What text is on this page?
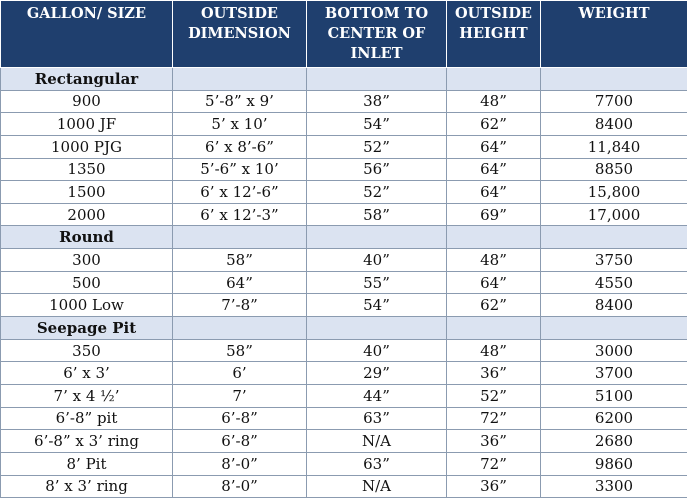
GALLON/ SIZE	OUTSIDE DIMENSION	BOTTOM TO CENTER OF INLET	OUTSIDE HEIGHT	WEIGHT
Rectangular				
900	5’-8” x 9’	38”	48”	7700
1000 JF	5’ x 10’	54”	62”	8400
1000 PJG	6’ x 8’-6”	52”	64”	11,840
1350	5’-6” x 10’	56”	64”	8850
1500	6’ x 12’-6”	52”	64”	15,800
2000	6’ x 12’-3”	58”	69”	17,000
Round				
300	58”	40”	48”	3750
500	64”	55”	64”	4550
1000 Low	7’-8”	54”	62”	8400
Seepage Pit				
350	58”	40”	48”	3000
6’ x 3’	6’	29”	36”	3700
7’ x 4 ½’	7’	44”	52”	5100
6’-8” pit	6’-8”	63”	72”	6200
6’-8” x 3’ ring	6’-8”	N/A	36”	2680
8’ Pit	8’-0”	63”	72”	9860
8’ x 3’ ring	8’-0”	N/A	36”	3300
